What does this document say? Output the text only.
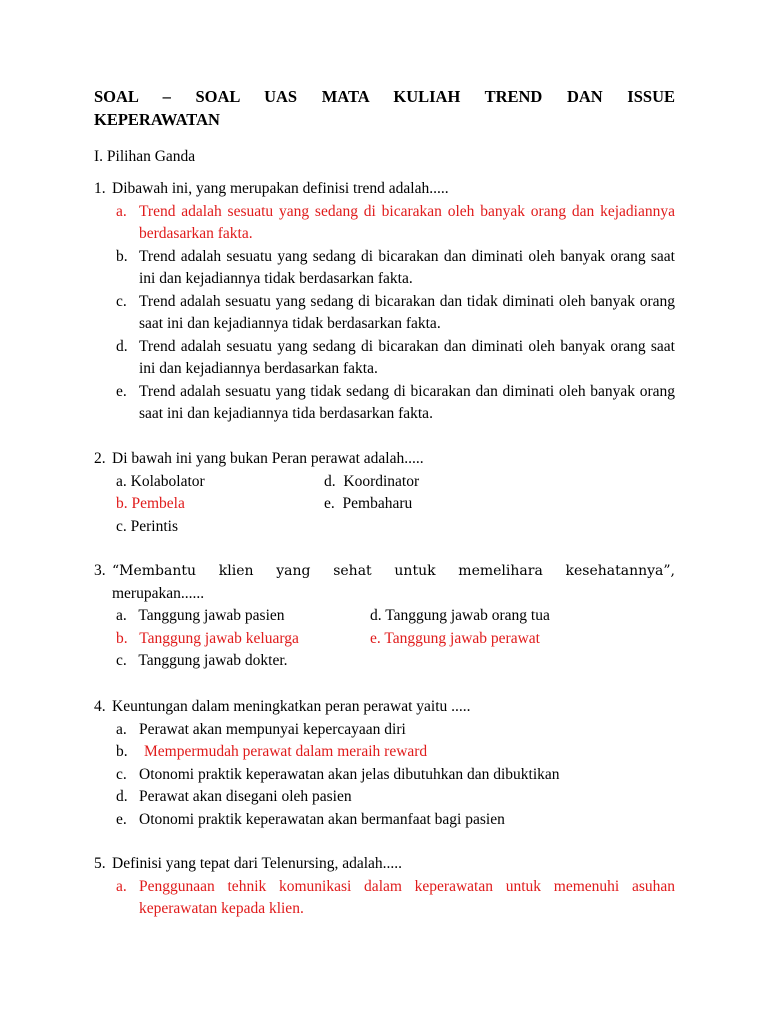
SOAL – SOAL UAS MATA KULIAH TREND DAN ISSUE
KEPERAWATAN
I. Pilihan Ganda
1. Dibawah ini, yang merupakan definisi trend adalah.....
a. Trend adalah sesuatu yang sedang di bicarakan oleh banyak orang dan kejadiannya berdasarkan fakta.
b. Trend adalah sesuatu yang sedang di bicarakan dan diminati oleh banyak orang saat ini dan kejadiannya tidak berdasarkan fakta.
c. Trend adalah sesuatu yang sedang di bicarakan dan tidak diminati oleh banyak orang saat ini dan kejadiannya tidak berdasarkan fakta.
d. Trend adalah sesuatu yang sedang di bicarakan dan diminati oleh banyak orang saat ini dan kejadiannya berdasarkan fakta.
e. Trend adalah sesuatu yang tidak sedang di bicarakan dan diminati oleh banyak orang saat ini dan kejadiannya tida berdasarkan fakta.
2. Di bawah ini yang bukan Peran perawat adalah.....
a. Kolabolator
b. Pembela
c. Perintis
d. Koordinator
e. Pembaharu
3. “Membantu klien yang sehat untuk memelihara kesehatannya”,
merupakan......
a. Tanggung jawab pasien
b. Tanggung jawab keluarga
c. Tanggung jawab dokter.
d. Tanggung jawab orang tua
e. Tanggung jawab perawat
4. Keuntungan dalam meningkatkan peran perawat yaitu .....
a. Perawat akan mempunyai kepercayaan diri
b. Mempermudah perawat dalam meraih reward
c. Otonomi praktik keperawatan akan jelas dibutuhkan dan dibuktikan
d. Perawat akan disegani oleh pasien
e. Otonomi praktik keperawatan akan bermanfaat bagi pasien
5. Definisi yang tepat dari Telenursing, adalah.....
a. Penggunaan tehnik komunikasi dalam keperawatan untuk memenuhi asuhan keperawatan kepada klien.
